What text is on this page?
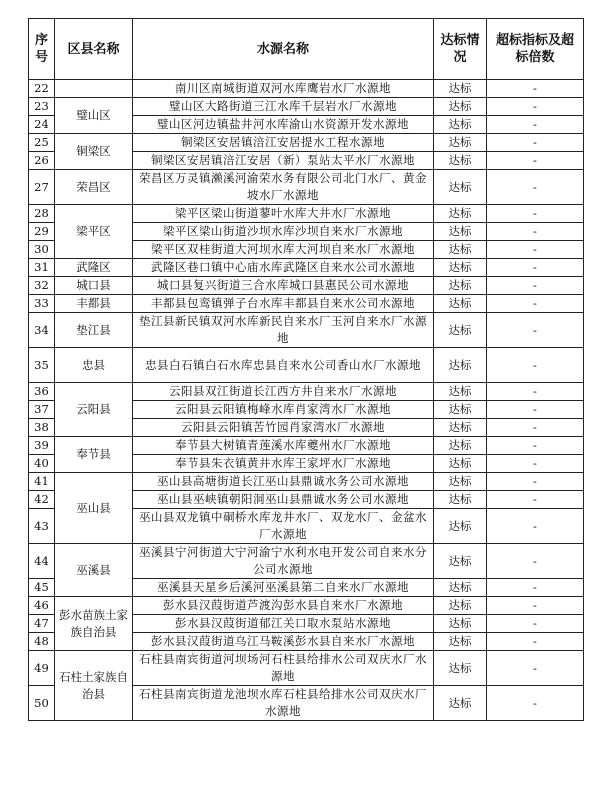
序号	区县名称	水源名称	达标情况	超标指标及超标倍数
22		南川区南城街道双河水库鹰岩水厂水源地	达标	-
23	璧山区	璧山区大路街道三江水库千层岩水厂水源地	达标	-
24		璧山区河边镇盐井河水库渝山水资源开发水源地	达标	-
25	铜梁区	铜梁区安居镇涪江安居提水工程水源地	达标	-
26		铜梁区安居镇涪江安居（新）泵站太平水厂水源地	达标	-
27	荣昌区	荣昌区万灵镇濑溪河渝荣水务有限公司北门水厂、黄金坡水厂水源地	达标	-
28	梁平区	梁平区梁山街道蓼叶水库大井水厂水源地	达标	-
29		梁平区梁山街道沙坝水库沙坝自来水厂水源地	达标	-
30		梁平区双桂街道大河坝水库大河坝自来水厂水源地	达标	-
31	武隆区	武隆区巷口镇中心庙水库武隆区自来水公司水源地	达标	-
32	城口县	城口县复兴街道三合水库城口县惠民公司水源地	达标	-
33	丰都县	丰都县包鸾镇弹子台水库丰都县自来水公司水源地	达标	-
34	垫江县	垫江县新民镇双河水库新民自来水厂玉河自来水厂水源地	达标	-
35	忠县	忠县白石镇白石水库忠县自来水公司香山水厂水源地	达标	-
36	云阳县	云阳县双江街道长江西方井自来水厂水源地	达标	-
37		云阳县云阳镇梅峰水库肖家湾水厂水源地	达标	-
38		云阳县云阳镇苦竹园肖家湾水厂水源地	达标	-
39	奉节县	奉节县大树镇青莲溪水库夔州水厂水源地	达标	-
40		奉节县朱衣镇黄井水库王家坪水厂水源地	达标	-
41	巫山县	巫山县高塘街道长江巫山县鼎诚水务公司水源地	达标	-
42		巫山县巫峡镇朝阳洞巫山县鼎诚水务公司水源地	达标	-
43		巫山县双龙镇中硐桥水库龙井水厂、双龙水厂、金盆水厂水源地	达标	-
44	巫溪县	巫溪县宁河街道大宁河渝宁水利水电开发公司自来水分公司水源地	达标	-
45		巫溪县天星乡后溪河巫溪县第二自来水厂水源地	达标	-
46	彭水苗族土家族自治县	彭水县汉葭街道芦渡沟彭水县自来水厂水源地	达标	-
47		彭水县汉葭街道郁江关口取水泵站水源地	达标	-
48		彭水县汉葭街道乌江马鞍溪彭水县自来水厂水源地	达标	-
49	石柱土家族自治县	石柱县南宾街道河坝场河石柱县给排水公司双庆水厂水源地	达标	-
50		石柱县南宾街道龙池坝水库石柱县给排水公司双庆水厂水源地	达标	-
